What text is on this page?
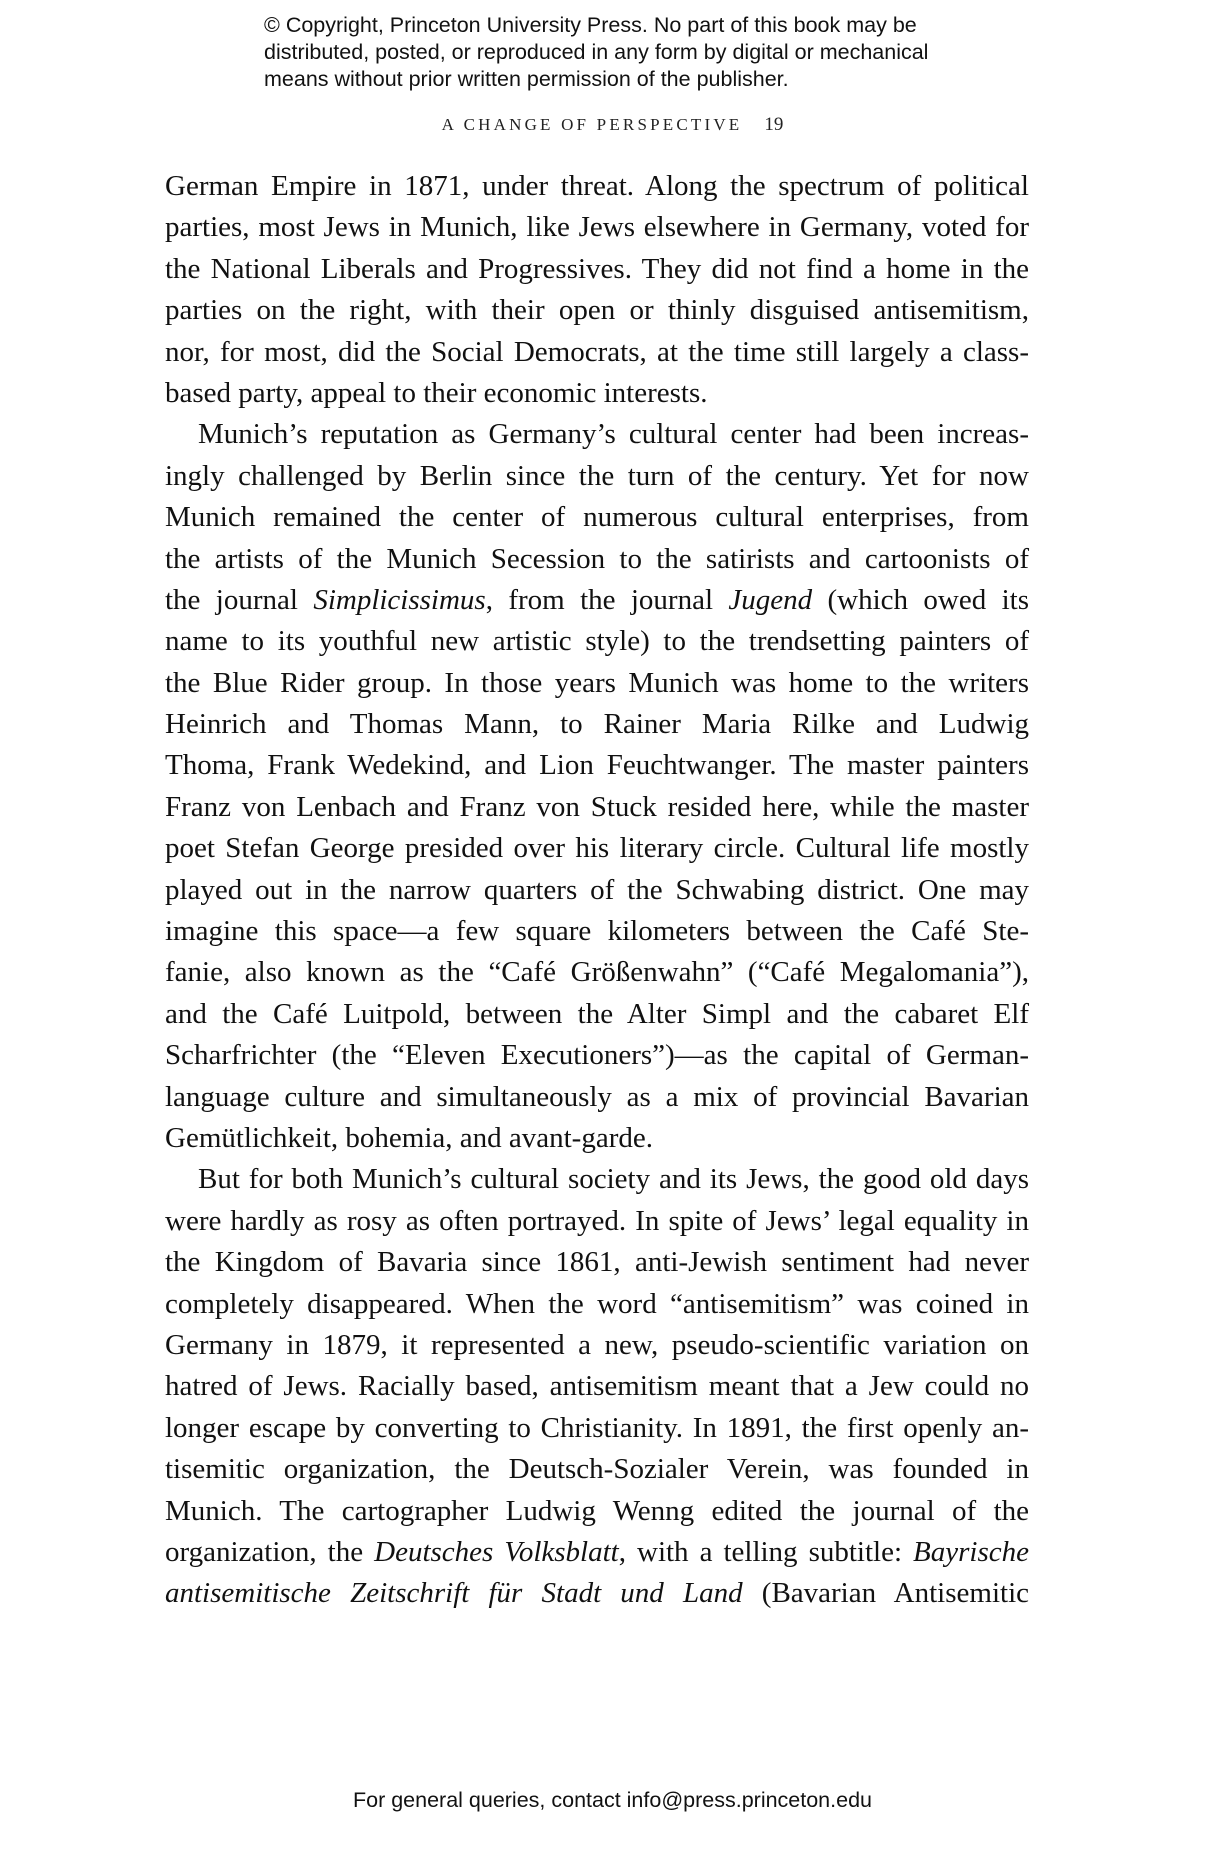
© Copyright, Princeton University Press. No part of this book may be
distributed, posted, or reproduced in any form by digital or mechanical
means without prior written permission of the publisher.
A CHANGE OF PERSPECTIVE 19
German Empire in 1871, under threat. Along the spectrum of political
parties, most Jews in Munich, like Jews elsewhere in Germany, voted for
the National Liberals and Progressives. They did not find a home in the
parties on the right, with their open or thinly disguised antisemitism,
nor, for most, did the Social Democrats, at the time still largely a class-
based party, appeal to their economic interests.
Munich’s reputation as Germany’s cultural center had been increas-
ingly challenged by Berlin since the turn of the century. Yet for now
Munich remained the center of numerous cultural enterprises, from
the artists of the Munich Secession to the satirists and cartoonists of
the journal Simplicissimus, from the journal Jugend (which owed its
name to its youthful new artistic style) to the trendsetting painters of
the Blue Rider group. In those years Munich was home to the writers
Heinrich and Thomas Mann, to Rainer Maria Rilke and Ludwig
Thoma, Frank Wedekind, and Lion Feuchtwanger. The master painters
Franz von Lenbach and Franz von Stuck resided here, while the master
poet Stefan George presided over his literary circle. Cultural life mostly
played out in the narrow quarters of the Schwabing district. One may
imagine this space—a few square kilometers between the Café Ste-
fanie, also known as the “Café Größenwahn” (“Café Megalomania”),
and the Café Luitpold, between the Alter Simpl and the cabaret Elf
Scharfrichter (the “Eleven Executioners”)—as the capital of German-
language culture and simultaneously as a mix of provincial Bavarian
Gemütlichkeit, bohemia, and avant-garde.
But for both Munich’s cultural society and its Jews, the good old days
were hardly as rosy as often portrayed. In spite of Jews’ legal equality in
the Kingdom of Bavaria since 1861, anti-Jewish sentiment had never
completely disappeared. When the word “antisemitism” was coined in
Germany in 1879, it represented a new, pseudo-scientific variation on
hatred of Jews. Racially based, antisemitism meant that a Jew could no
longer escape by converting to Christianity. In 1891, the first openly an-
tisemitic organization, the Deutsch-Sozialer Verein, was founded in
Munich. The cartographer Ludwig Wenng edited the journal of the
organization, the Deutsches Volksblatt, with a telling subtitle: Bayrische
antisemitische Zeitschrift für Stadt und Land (Bavarian Antisemitic
For general queries, contact info@press.princeton.edu
